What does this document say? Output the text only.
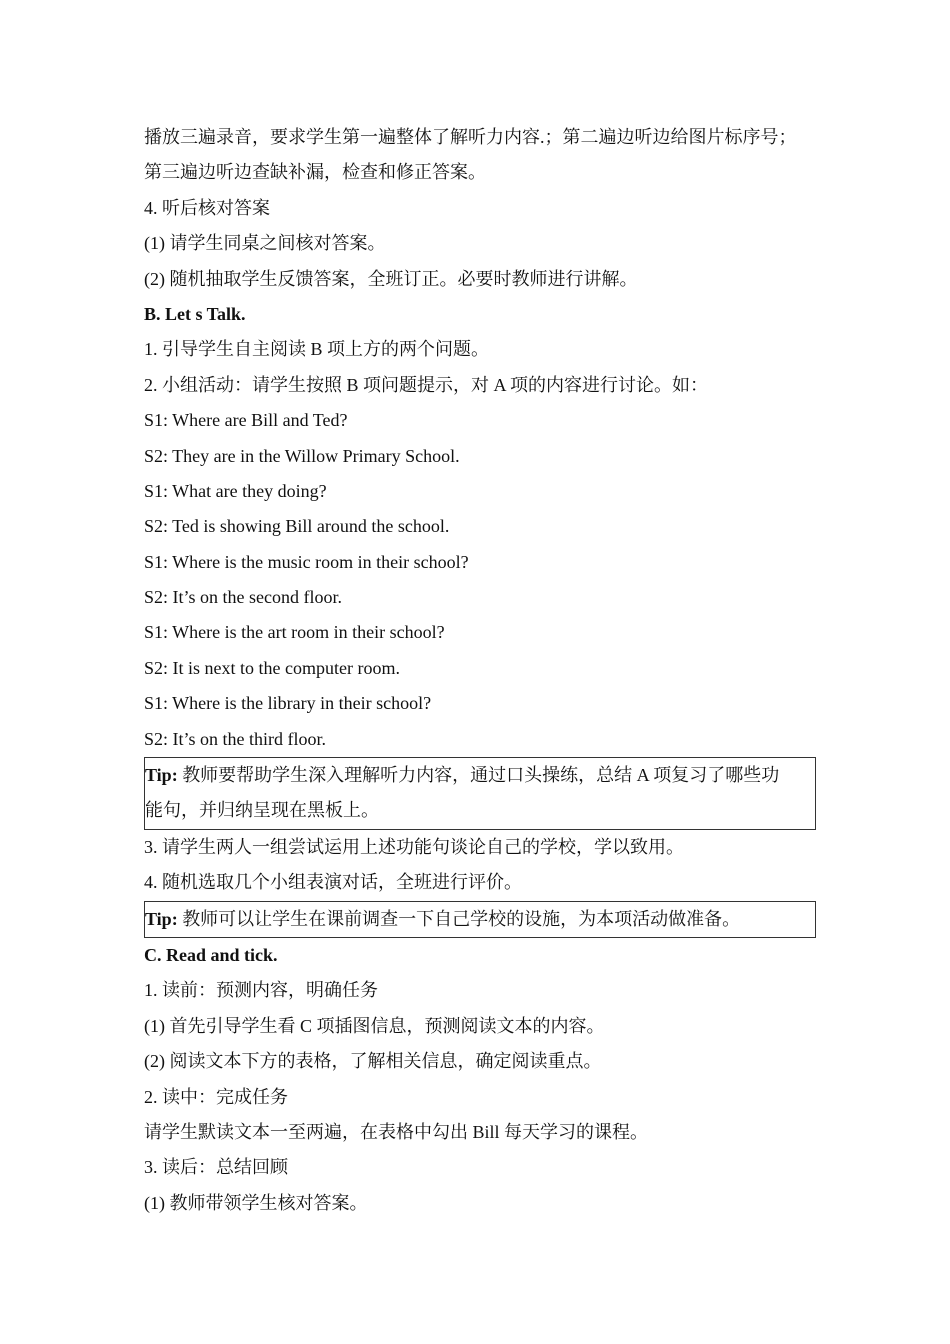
播放三遍录音，要求学生第一遍整体了解听力内容.；第二遍边听边给图片标序号；
第三遍边听边查缺补漏，检查和修正答案。
4. 听后核对答案
(1) 请学生同桌之间核对答案。
(2) 随机抽取学生反馈答案，全班订正。必要时教师进行讲解。
B. Let s Talk.
1. 引导学生自主阅读 B 项上方的两个问题。
2. 小组活动：请学生按照 B 项问题提示，对 A 项的内容进行讨论。如：
S1: Where are Bill and Ted?
S2: They are in the Willow Primary School.
S1: What are they doing?
S2: Ted is showing Bill around the school.
S1: Where is the music room in their school?
S2: It’s on the second floor.
S1: Where is the art room in their school?
S2: It is next to the computer room.
S1: Where is the library in their school?
S2: It’s on the third floor.
Tip: 教师要帮助学生深入理解听力内容，通过口头操练，总结 A 项复习了哪些功
能句，并归纳呈现在黑板上。
3. 请学生两人一组尝试运用上述功能句谈论自己的学校，学以致用。
4. 随机选取几个小组表演对话，全班进行评价。
Tip: 教师可以让学生在课前调查一下自己学校的设施，为本项活动做准备。
C. Read and tick.
1. 读前：预测内容，明确任务
(1) 首先引导学生看 C 项插图信息，预测阅读文本的内容。
(2) 阅读文本下方的表格，了解相关信息，确定阅读重点。
2. 读中：完成任务
请学生默读文本一至两遍，在表格中勾出 Bill 每天学习的课程。
3. 读后：总结回顾
(1) 教师带领学生核对答案。
